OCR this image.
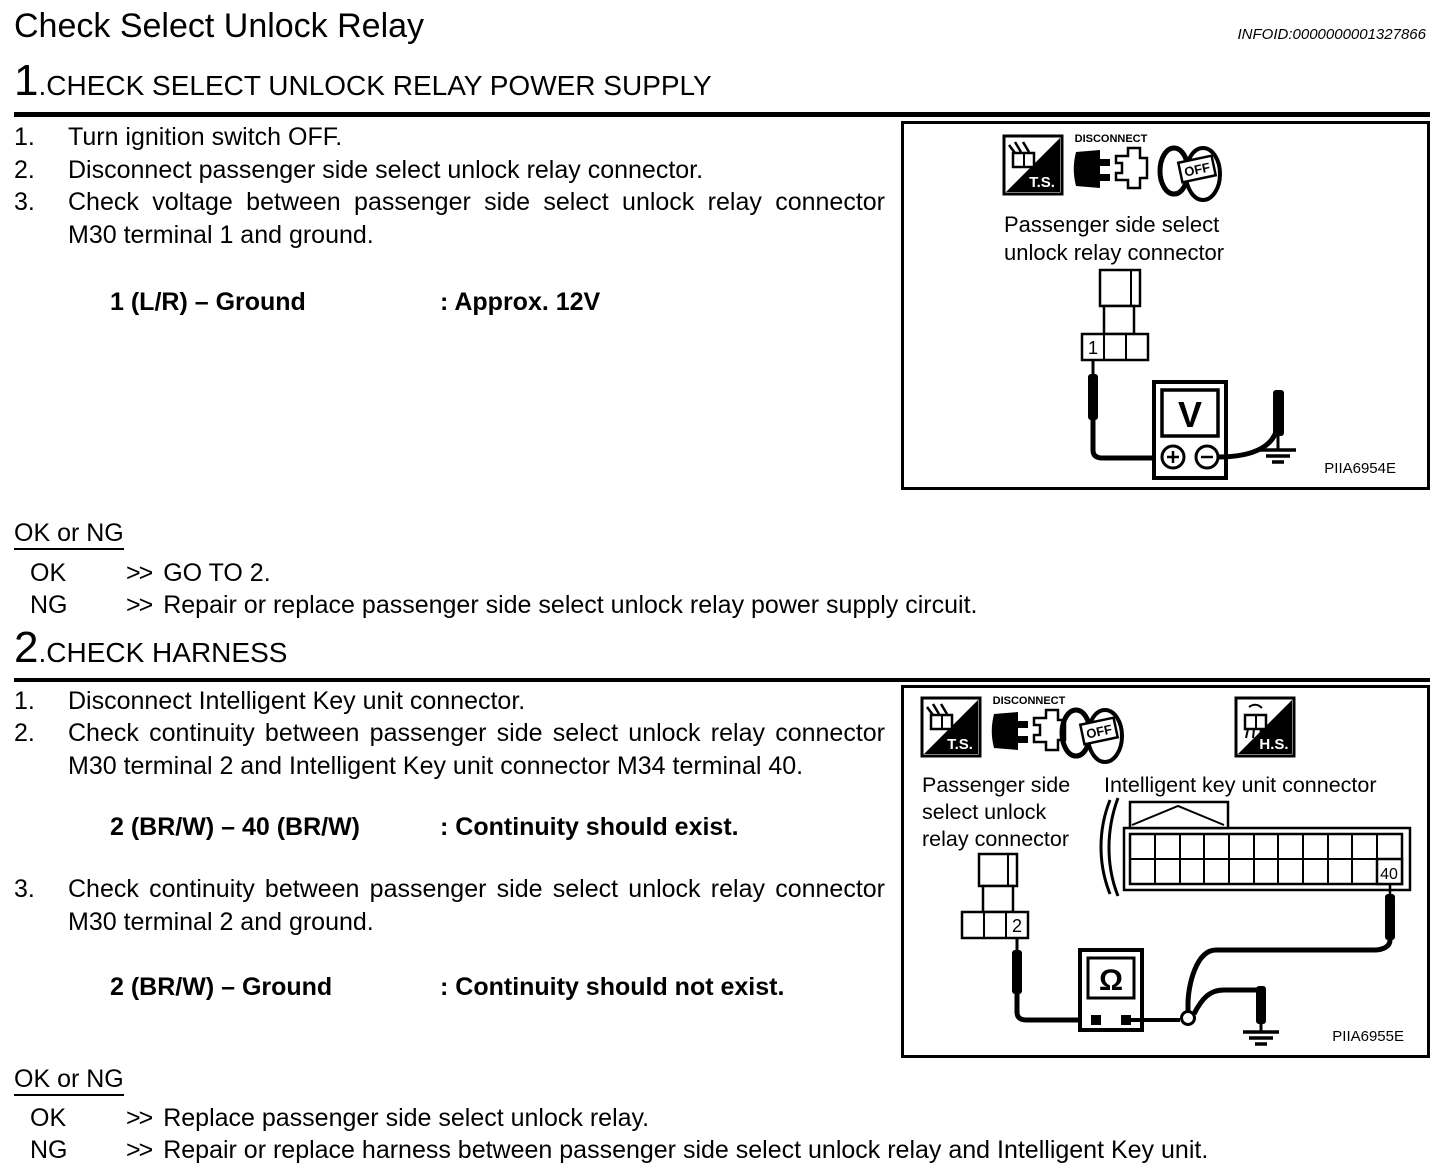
Check Select Unlock Relay	INFOID:0000000001327866
1.CHECK SELECT UNLOCK RELAY POWER SUPPLY
1.	Turn ignition switch OFF.
2.	Disconnect passenger side select unlock relay connector.
3.	Check voltage between passenger side select unlock relay connector M30 terminal 1 and ground.
1 (L/R) – Ground	: Approx. 12V
T.S.
DISCONNECT
OFF
Passenger side select
unlock relay connector
1
V
PIIA6954E
OK or NG
OK	>> GO TO 2.
NG	>> Repair or replace passenger side select unlock relay power supply circuit.
2.CHECK HARNESS
1.	Disconnect Intelligent Key unit connector.
2.	Check continuity between passenger side select unlock relay connector M30 terminal 2 and Intelligent Key unit connector M34 terminal 40.
2 (BR/W) – 40 (BR/W)	: Continuity should exist.
3.	Check continuity between passenger side select unlock relay connector M30 terminal 2 and ground.
2 (BR/W) – Ground	: Continuity should not exist.
T.S.
DISCONNECT
OFF
H.S.
Passenger side
select unlock
relay connector
Intelligent key unit connector
40
2
Ω
PIIA6955E
OK or NG
OK	>> Replace passenger side select unlock relay.
NG	>> Repair or replace harness between passenger side select unlock relay and Intelligent Key unit.
